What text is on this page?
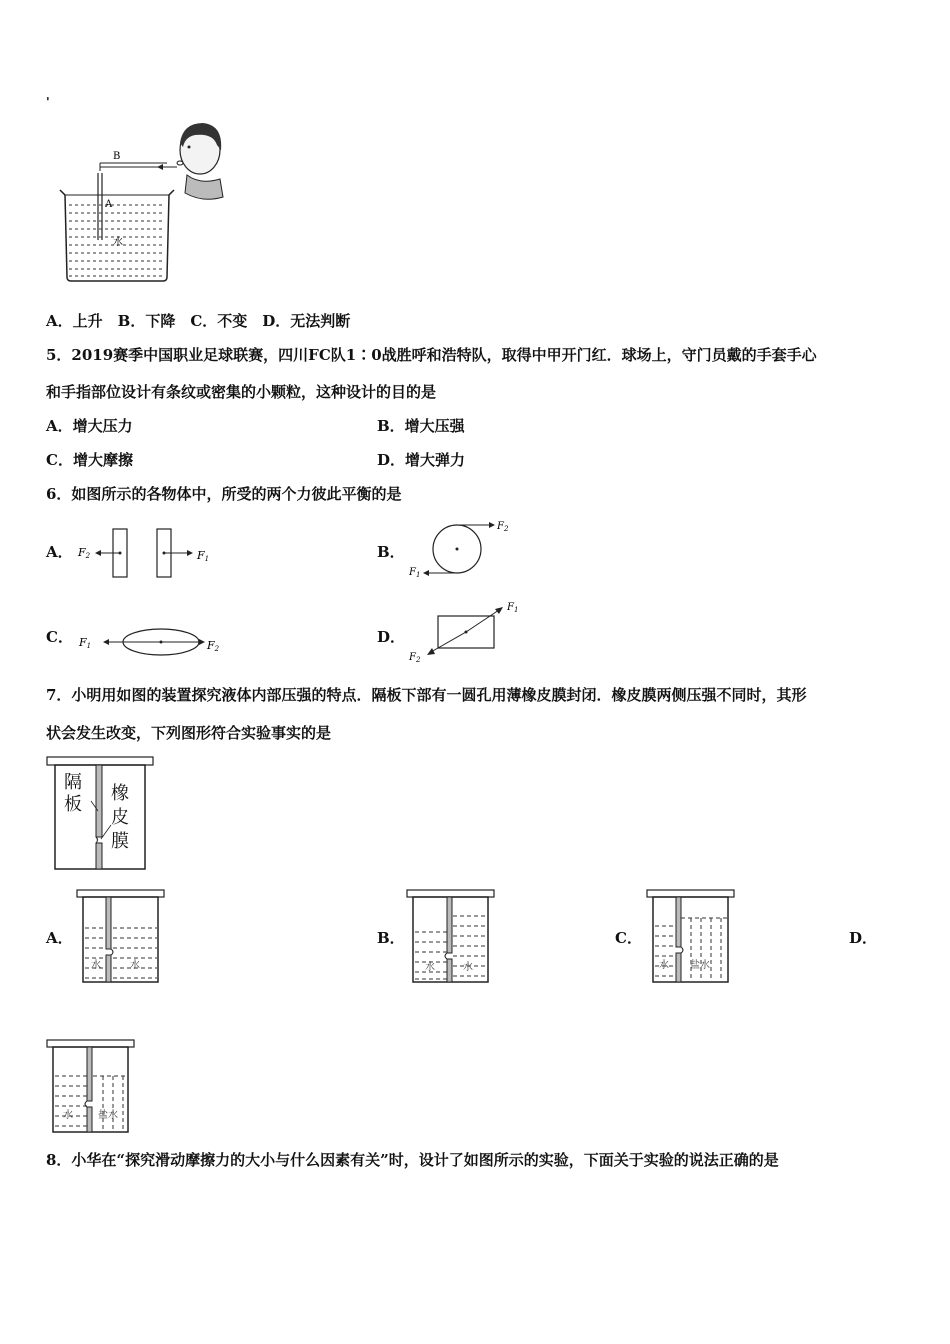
'
B
A
水
A．上升　B．下降　C．不变　D．无法判断
5．2019赛季中国职业足球联赛，四川FC队1∶0战胜呼和浩特队，取得中甲开门红．球场上，守门员戴的手套手心
和手指部位设计有条纹或密集的小颗粒，这种设计的目的是
A．增大压力	B．增大压强
C．增大摩擦	D．增大弹力
6．如图所示的各物体中，所受的两个力彼此平衡的是
A． F2	F1	B．
$F_2$
$F_1$
C． F1	F2
D．
$F_1$
$F_2$
7．小明用如图的装置探究液体内部压强的特点．隔板下部有一圆孔用薄橡皮膜封闭．橡皮膜两侧压强不同时，其形
状会发生改变，下列图形符合实验事实的是
隔板
橡皮膜
A．
水	水
B．
水	水
C．
水 盐水
D．
水	盐水
8．小华在“探究滑动摩擦力的大小与什么因素有关”时，设计了如图所示的实验，下面关于实验的说法正确的是
